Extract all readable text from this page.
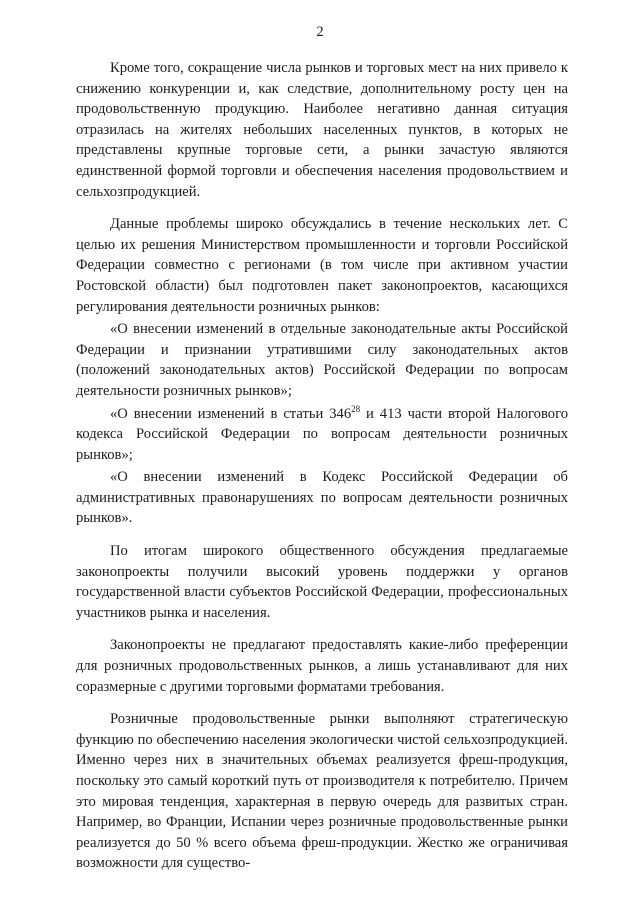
2

Кроме того, сокращение числа рынков и торговых мест на них привело к снижению конкуренции и, как следствие, дополнительному росту цен на продовольственную продукцию. Наиболее негативно данная ситуация отразилась на жителях небольших населенных пунктов, в которых не представлены крупные торговые сети, а рынки зачастую являются единственной формой торговли и обеспечения населения продовольствием и сельхозпродукцией.

Данные проблемы широко обсуждались в течение нескольких лет. С целью их решения Министерством промышленности и торговли Российской Федерации совместно с регионами (в том числе при активном участии Ростовской области) был подготовлен пакет законопроектов, касающихся регулирования деятельности розничных рынков:

«О внесении изменений в отдельные законодательные акты Российской Федерации и признании утратившими силу законодательных актов (положений законодательных актов) Российской Федерации по вопросам деятельности розничных рынков»;

«О внесении изменений в статьи $346^{28}$ и 413 части второй Налогового кодекса Российской Федерации по вопросам деятельности розничных рынков»;

«О внесении изменений в Кодекс Российской Федерации об административных правонарушениях по вопросам деятельности розничных рынков».

По итогам широкого общественного обсуждения предлагаемые законопроекты получили высокий уровень поддержки у органов государственной власти субъектов Российской Федерации, профессиональных участников рынка и населения.

Законопроекты не предлагают предоставлять какие-либо преференции для розничных продовольственных рынков, а лишь устанавливают для них соразмерные с другими торговыми форматами требования.

Розничные продовольственные рынки выполняют стратегическую функцию по обеспечению населения экологически чистой сельхозпродукцией. Именно через них в значительных объемах реализуется фреш-продукция, поскольку это самый короткий путь от производителя к потребителю. Причем это мировая тенденция, характерная в первую очередь для развитых стран. Например, во Франции, Испании через розничные продовольственные рынки реализуется до 50 % всего объема фреш-продукции. Жестко же ограничивая возможности для существо-
